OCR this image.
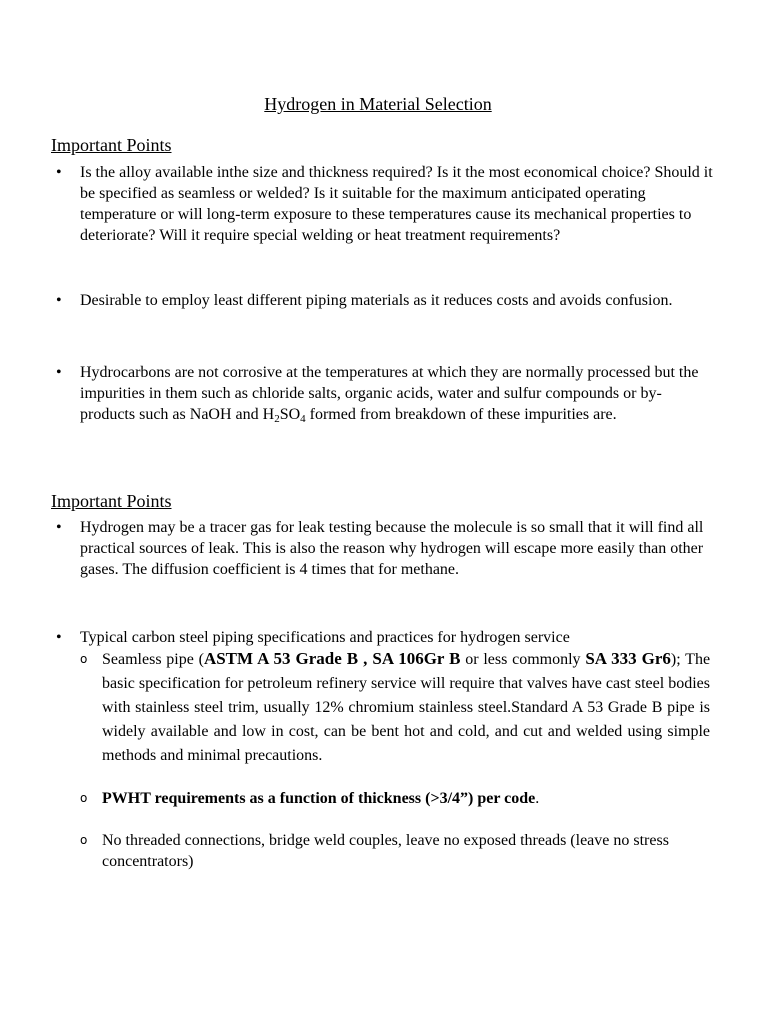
Hydrogen in Material Selection
Important Points
•	Is the alloy available inthe size and thickness required? Is it the most economical choice? Should it be specified as seamless or welded? Is it suitable for the maximum anticipated operating temperature or will long-term exposure to these temperatures cause its mechanical properties to deteriorate? Will it require special welding or heat treatment requirements?
•	Desirable to employ least different piping materials as it reduces costs and avoids confusion.
•	Hydrocarbons are not corrosive at the temperatures at which they are normally processed but the impurities in them such as chloride salts, organic acids, water and sulfur compounds or by- products such as NaOH and $H_2SO_4$ formed from breakdown of these impurities are.
Important Points
•	Hydrogen may be a tracer gas for leak testing because the molecule is so small that it will find all practical sources of leak. This is also the reason why hydrogen will escape more easily than other gases. The diffusion coefficient is 4 times that for methane.
•	Typical carbon steel piping specifications and practices for hydrogen service
o Seamless pipe (ASTM A 53 Grade B , SA 106Gr B or less commonly SA 333 Gr6); The basic specification for petroleum refinery service will require that valves have cast steel bodies with stainless steel trim, usually 12% chromium stainless steel.Standard A 53 Grade B pipe is widely available and low in cost, can be bent hot and cold, and cut and welded using simple methods and minimal precautions.
o PWHT requirements as a function of thickness (>3/4”) per code.
o No threaded connections, bridge weld couples, leave no exposed threads (leave no stress concentrators)
